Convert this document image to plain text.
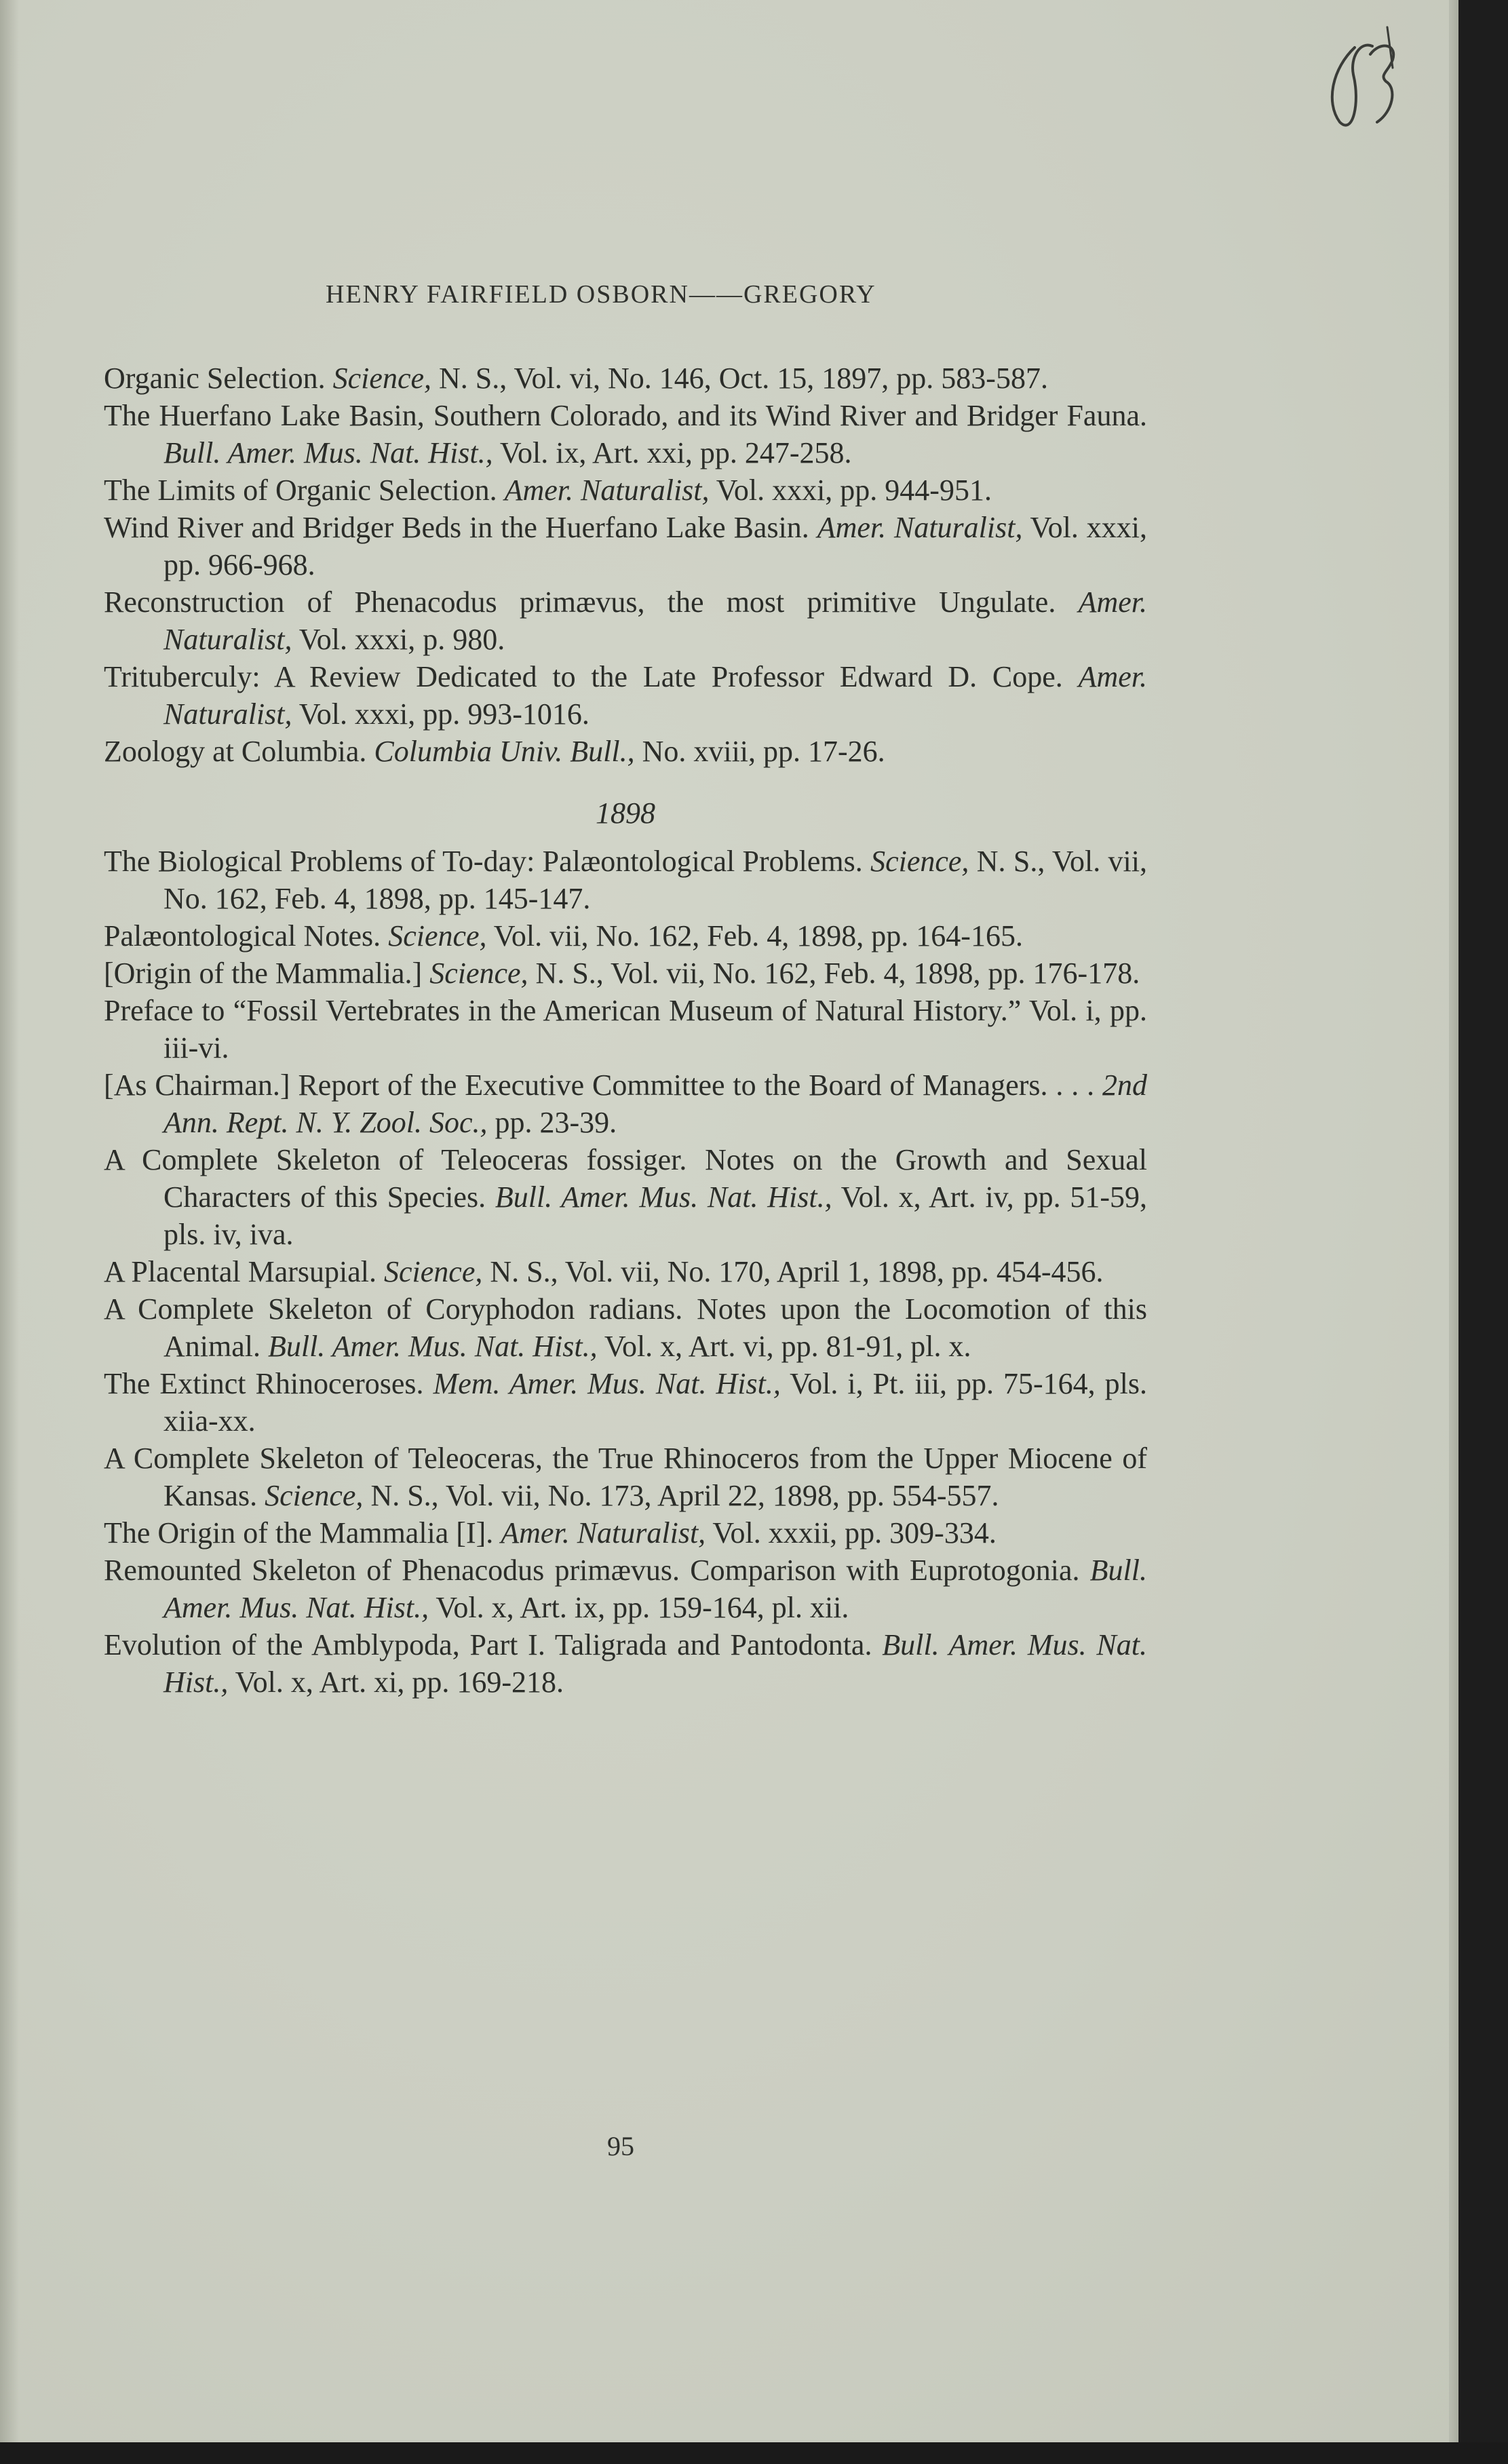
HENRY FAIRFIELD OSBORN——GREGORY

Organic Selection. Science, N. S., Vol. vi, No. 146, Oct. 15, 1897, pp. 583-587.

The Huerfano Lake Basin, Southern Colorado, and its Wind River and Bridger Fauna. Bull. Amer. Mus. Nat. Hist., Vol. ix, Art. xxi, pp. 247-258.

The Limits of Organic Selection. Amer. Naturalist, Vol. xxxi, pp. 944-951.

Wind River and Bridger Beds in the Huerfano Lake Basin. Amer. Naturalist, Vol. xxxi, pp. 966-968.

Reconstruction of Phenacodus primævus, the most primitive Ungulate. Amer. Naturalist, Vol. xxxi, p. 980.

Trituberculy: A Review Dedicated to the Late Professor Edward D. Cope. Amer. Naturalist, Vol. xxxi, pp. 993-1016.

Zoology at Columbia. Columbia Univ. Bull., No. xviii, pp. 17-26.

1898

The Biological Problems of To-day: Palæontological Problems. Science, N. S., Vol. vii, No. 162, Feb. 4, 1898, pp. 145-147.

Palæontological Notes. Science, Vol. vii, No. 162, Feb. 4, 1898, pp. 164-165.

[Origin of the Mammalia.] Science, N. S., Vol. vii, No. 162, Feb. 4, 1898, pp. 176-178.

Preface to “Fossil Vertebrates in the American Museum of Natural History.” Vol. i, pp. iii-vi.

[As Chairman.] Report of the Executive Committee to the Board of Managers. . . . 2nd Ann. Rept. N. Y. Zool. Soc., pp. 23-39.

A Complete Skeleton of Teleoceras fossiger. Notes on the Growth and Sexual Characters of this Species. Bull. Amer. Mus. Nat. Hist., Vol. x, Art. iv, pp. 51-59, pls. iv, iva.

A Placental Marsupial. Science, N. S., Vol. vii, No. 170, April 1, 1898, pp. 454-456.

A Complete Skeleton of Coryphodon radians. Notes upon the Locomotion of this Animal. Bull. Amer. Mus. Nat. Hist., Vol. x, Art. vi, pp. 81-91, pl. x.

The Extinct Rhinoceroses. Mem. Amer. Mus. Nat. Hist., Vol. i, Pt. iii, pp. 75-164, pls. xiia-xx.

A Complete Skeleton of Teleoceras, the True Rhinoceros from the Upper Miocene of Kansas. Science, N. S., Vol. vii, No. 173, April 22, 1898, pp. 554-557.

The Origin of the Mammalia [I]. Amer. Naturalist, Vol. xxxii, pp. 309-334.

Remounted Skeleton of Phenacodus primævus. Comparison with Euprotogonia. Bull. Amer. Mus. Nat. Hist., Vol. x, Art. ix, pp. 159-164, pl. xii.

Evolution of the Amblypoda, Part I. Taligrada and Pantodonta. Bull. Amer. Mus. Nat. Hist., Vol. x, Art. xi, pp. 169-218.

95
